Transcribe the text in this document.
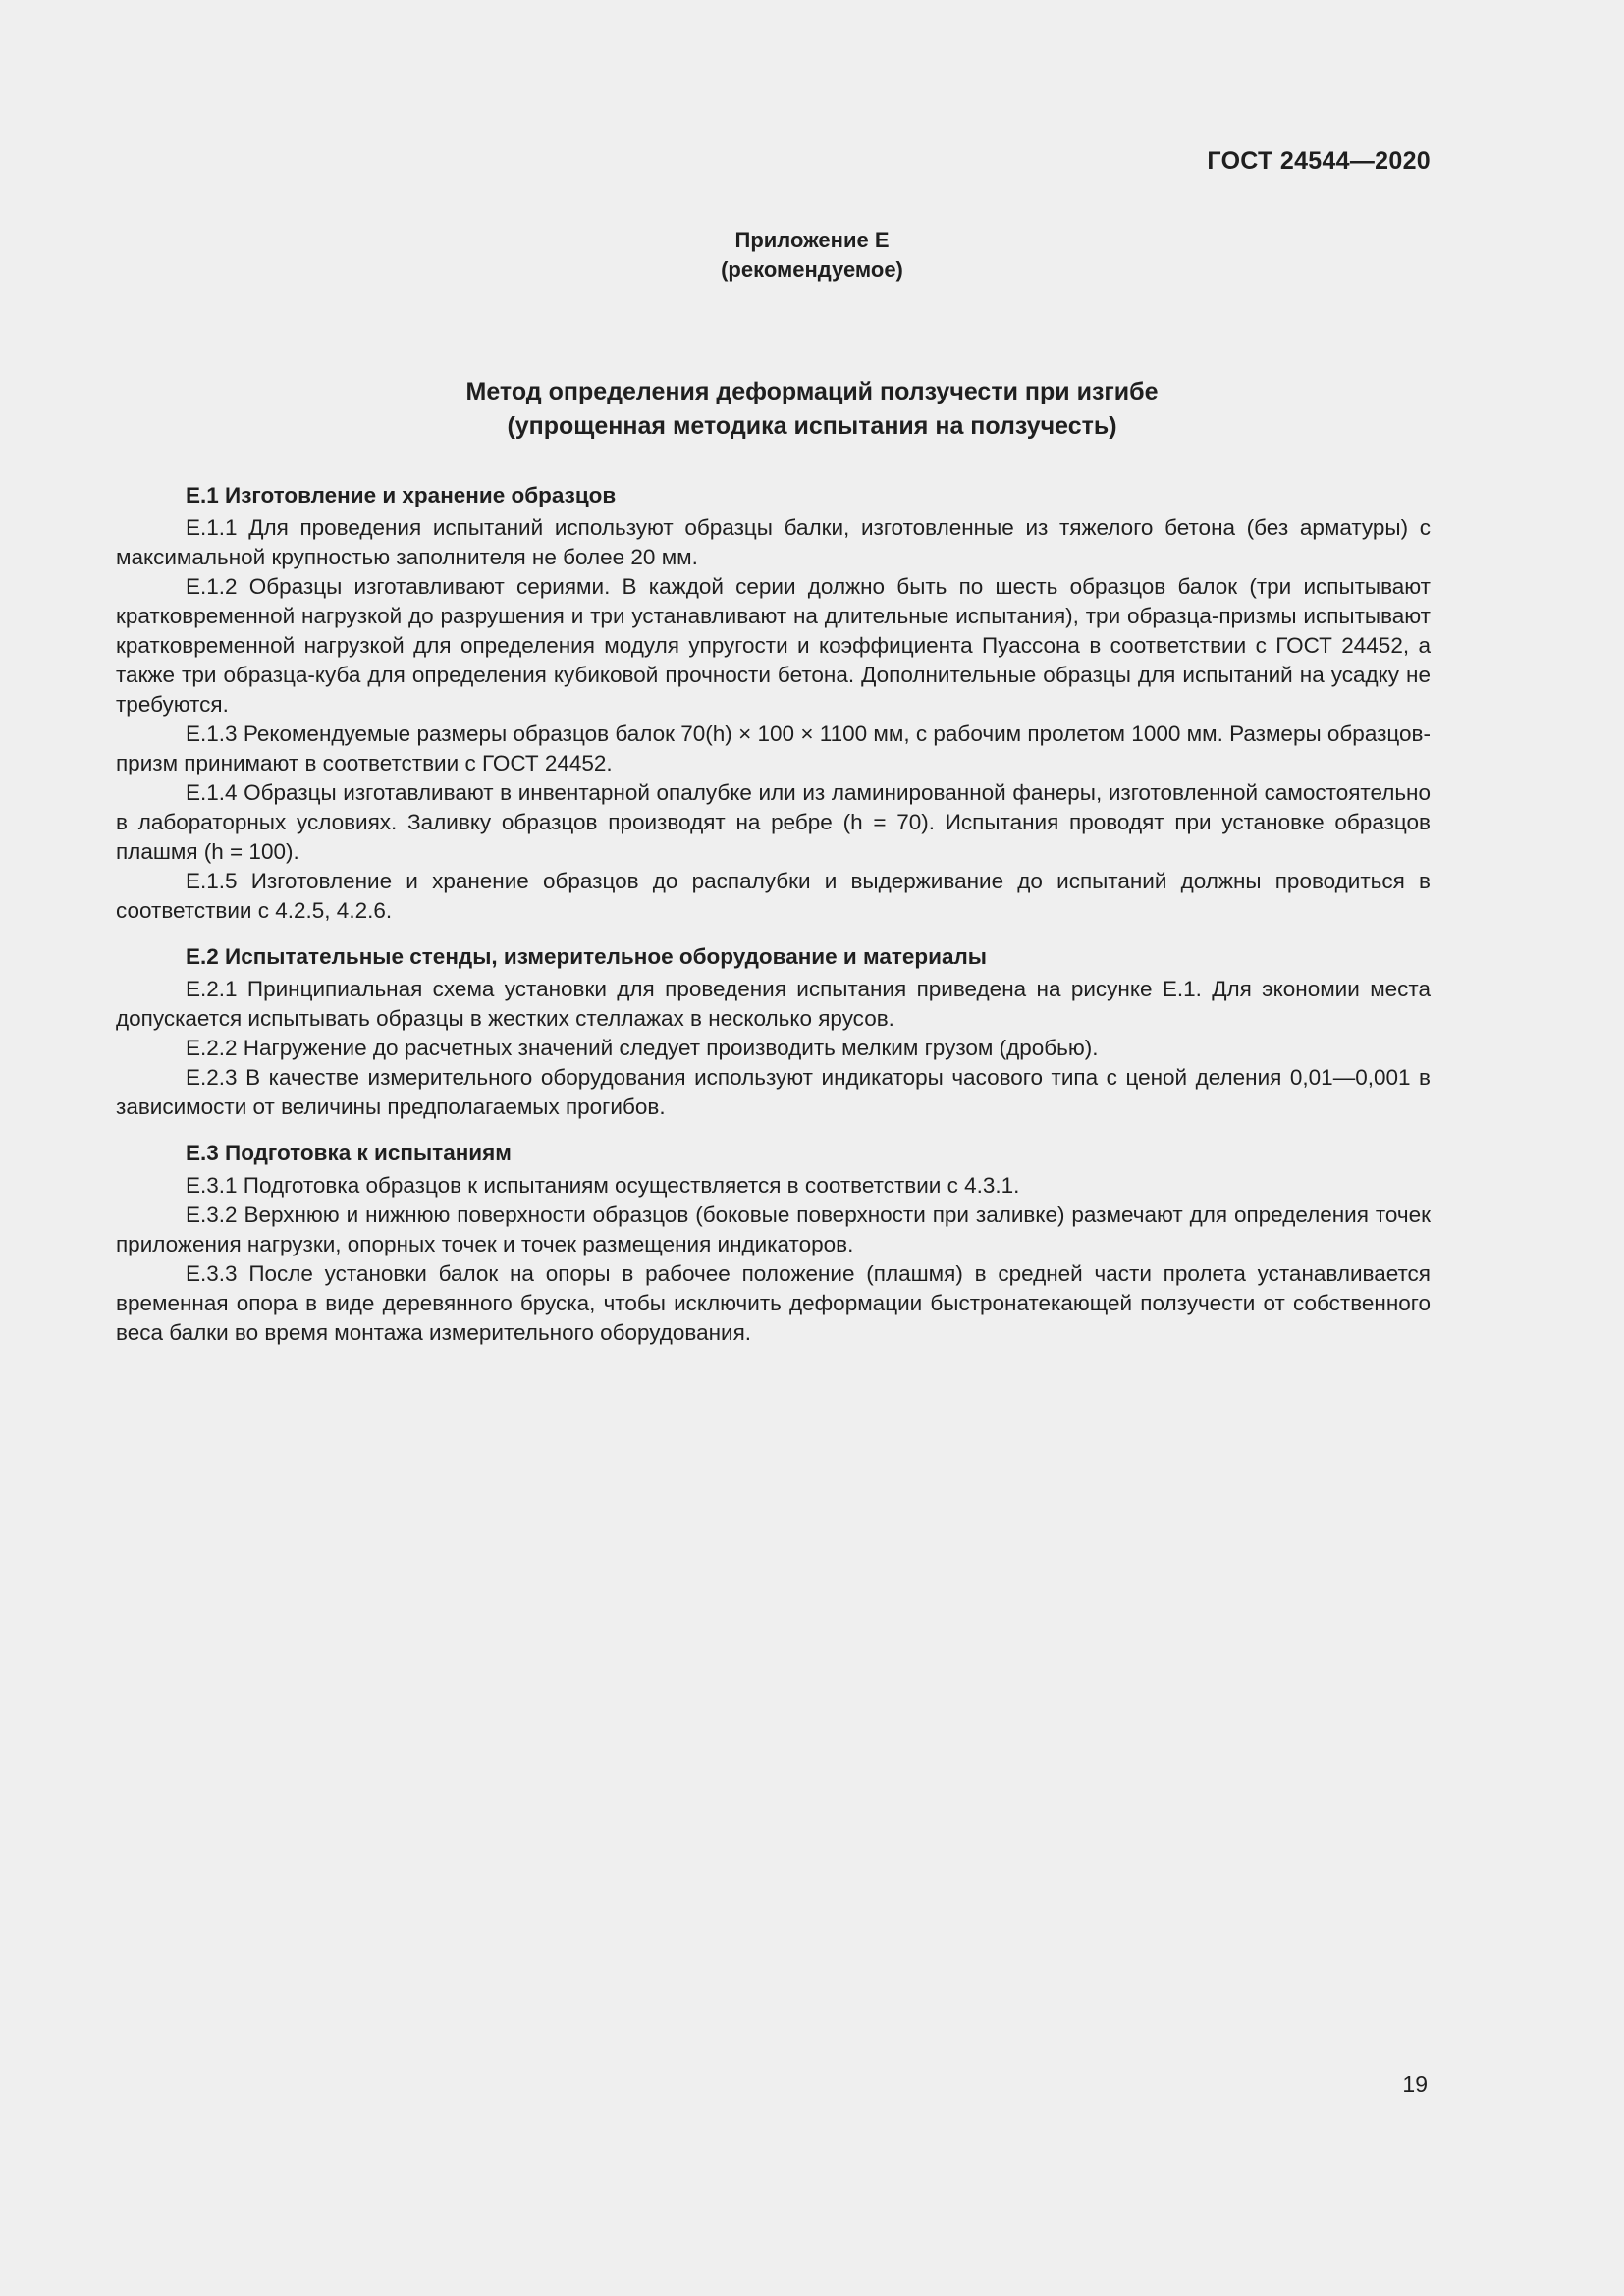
ГОСТ 24544—2020
Приложение Е
(рекомендуемое)
Метод определения деформаций ползучести при изгибе
(упрощенная методика испытания на ползучесть)

Е.1 Изготовление и хранение образцов

Е.1.1 Для проведения испытаний используют образцы балки, изготовленные из тяжелого бетона (без арматуры) с максимальной крупностью заполнителя не более 20 мм.

Е.1.2 Образцы изготавливают сериями. В каждой серии должно быть по шесть образцов балок (три испытывают кратковременной нагрузкой до разрушения и три устанавливают на длительные испытания), три образца-призмы испытывают кратковременной нагрузкой для определения модуля упругости и коэффициента Пуассона в соответствии с ГОСТ 24452, а также три образца-куба для определения кубиковой прочности бетона. Дополнительные образцы для испытаний на усадку не требуются.

Е.1.3 Рекомендуемые размеры образцов балок 70(h) × 100 × 1100 мм, с рабочим пролетом 1000 мм. Размеры образцов-призм принимают в соответствии с ГОСТ 24452.

Е.1.4 Образцы изготавливают в инвентарной опалубке или из ламинированной фанеры, изготовленной самостоятельно в лабораторных условиях. Заливку образцов производят на ребре (h = 70). Испытания проводят при установке образцов плашмя (h = 100).

Е.1.5 Изготовление и хранение образцов до распалубки и выдерживание до испытаний должны проводиться в соответствии с 4.2.5, 4.2.6.

Е.2 Испытательные стенды, измерительное оборудование и материалы

Е.2.1 Принципиальная схема установки для проведения испытания приведена на рисунке Е.1. Для экономии места допускается испытывать образцы в жестких стеллажах в несколько ярусов.

Е.2.2 Нагружение до расчетных значений следует производить мелким грузом (дробью).

Е.2.3 В качестве измерительного оборудования используют индикаторы часового типа с ценой деления 0,01—0,001 в зависимости от величины предполагаемых прогибов.

Е.3 Подготовка к испытаниям

Е.3.1 Подготовка образцов к испытаниям осуществляется в соответствии с 4.3.1.

Е.3.2 Верхнюю и нижнюю поверхности образцов (боковые поверхности при заливке) размечают для определения точек приложения нагрузки, опорных точек и точек размещения индикаторов.

Е.3.3 После установки балок на опоры в рабочее положение (плашмя) в средней части пролета устанавливается временная опора в виде деревянного бруска, чтобы исключить деформации быстронатекающей ползучести от собственного веса балки во время монтажа измерительного оборудования.

19
